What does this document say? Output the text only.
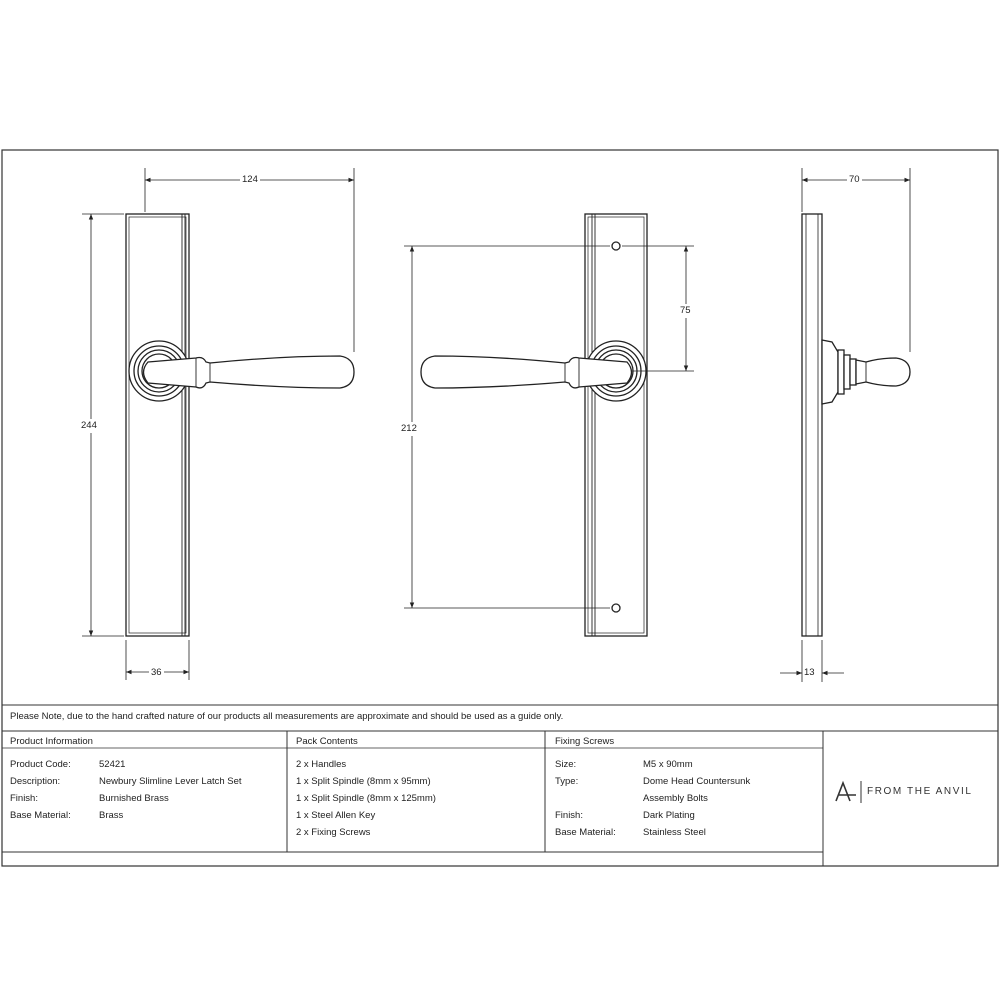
124
244
36
212
75
70
13
Please Note, due to the hand crafted nature of our products all measurements are approximate and should be used as a guide only.
Product Information
Product Code:	52421
Description:	Newbury Slimline Lever Latch Set
Finish:	Burnished Brass
Base Material:	Brass
Pack Contents
2 x Handles
1 x Split Spindle (8mm x 95mm)
1 x Split Spindle (8mm x 125mm)
1 x Steel Allen Key
2 x Fixing Screws
Fixing Screws
Size:	M5 x 90mm
Type:	Dome Head Countersunk
Assembly Bolts
Finish:	Dark Plating
Base Material:	Stainless Steel
FROM THE ANVIL
